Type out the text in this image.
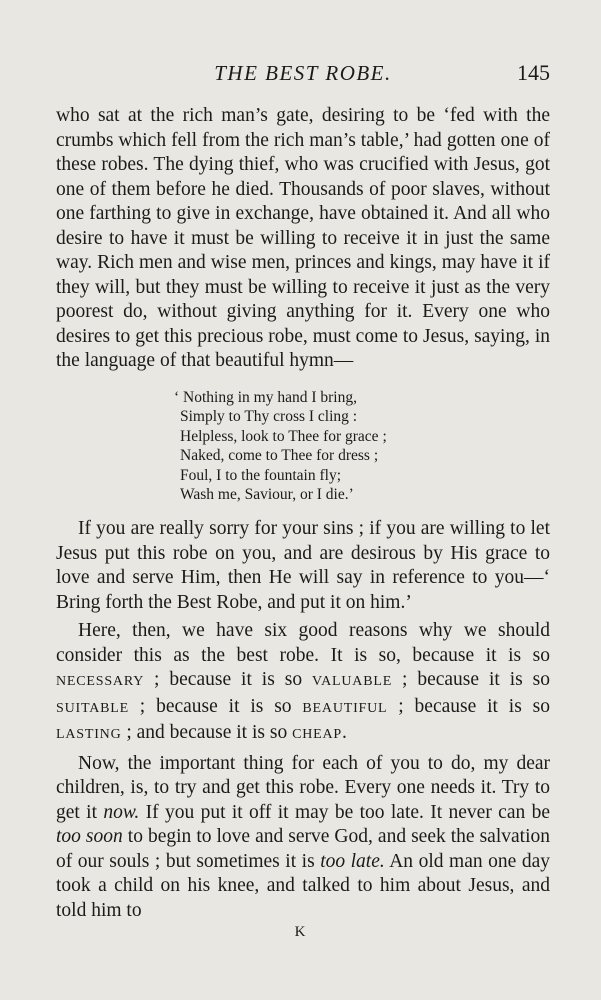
THE BEST ROBE.	145

who sat at the rich man’s gate, desiring to be ‘fed with the crumbs which fell from the rich man’s table,’ had gotten one of these robes. The dying thief, who was crucified with Jesus, got one of them before he died. Thousands of poor slaves, without one farthing to give in exchange, have obtained it. And all who desire to have it must be willing to receive it in just the same way. Rich men and wise men, princes and kings, may have it if they will, but they must be willing to receive it just as the very poorest do, without giving anything for it. Every one who desires to get this precious robe, must come to Jesus, saying, in the language of that beautiful hymn—

‘ Nothing in my hand I bring,
Simply to Thy cross I cling :
Helpless, look to Thee for grace ;
Naked, come to Thee for dress ;
Foul, I to the fountain fly;
Wash me, Saviour, or I die.’

If you are really sorry for your sins ; if you are willing to let Jesus put this robe on you, and are desirous by His grace to love and serve Him, then He will say in reference to you—‘ Bring forth the Best Robe, and put it on him.’

Here, then, we have six good reasons why we should consider this as the best robe. It is so, because it is so NECESSARY ; because it is so VALUABLE ; because it is so SUITABLE ; because it is so BEAUTIFUL ; because it is so LASTING ; and because it is so CHEAP.

Now, the important thing for each of you to do, my dear children, is, to try and get this robe. Every one needs it. Try to get it now. If you put it off it may be too late. It never can be too soon to begin to love and serve God, and seek the salvation of our souls ; but sometimes it is too late. An old man one day took a child on his knee, and talked to him about Jesus, and told him to

K
